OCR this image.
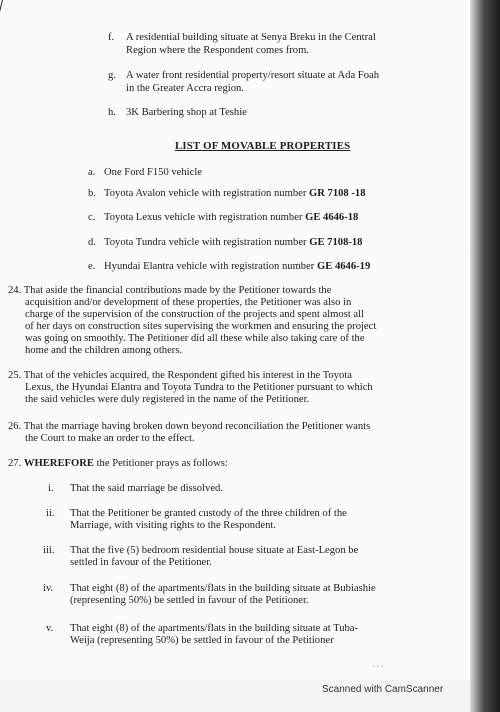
f. A residential building situate at Senya Breku in the Central
Region where the Respondent comes from.
g. A water front residential property/resort situate at Ada Foah
in the Greater Accra region.
h. 3K Barbering shop at Teshie
LIST OF MOVABLE PROPERTIES
a. One Ford F150 vehicle
b. Toyota Avalon vehicle with registration number GR 7108 -18
c. Toyota Lexus vehicle with registration number GE 4646-18
d. Toyota Tundra vehicle with registration number GE 7108-18
e. Hyundai Elantra vehicle with registration number GE 4646-19
24. That aside the financial contributions made by the Petitioner towards the
acquisition and/or development of these properties, the Petitioner was also in
charge of the supervision of the construction of the projects and spent almost all
of her days on construction sites supervising the workmen and ensuring the project
was going on smoothly. The Petitioner did all these while also taking care of the
home and the children among others.
25. That of the vehicles acquired, the Respondent gifted his interest in the Toyota
Lexus, the Hyundai Elantra and Toyota Tundra to the Petitioner pursuant to which
the said vehicles were duly registered in the name of the Petitioner.
26. That the marriage having broken down beyond reconciliation the Petitioner wants
the Court to make an order to the effect.
27. WHEREFORE the Petitioner prays as follows:
i. That the said marriage be dissolved.
ii. That the Petitioner be granted custody of the three children of the
Marriage, with visiting rights to the Respondent.
iii. That the five (5) bedroom residential house situate at East-Legon be
settled in favour of the Petitioner.
iv. That eight (8) of the apartments/flats in the building situate at Bubiashie
(representing 50%) be settled in favour of the Petitioner.
v. That eight (8) of the apartments/flats in the building situate at Tuba-
Weija (representing 50%) be settled in favour of the Petitioner
· · ·
Scanned with CamScanner
